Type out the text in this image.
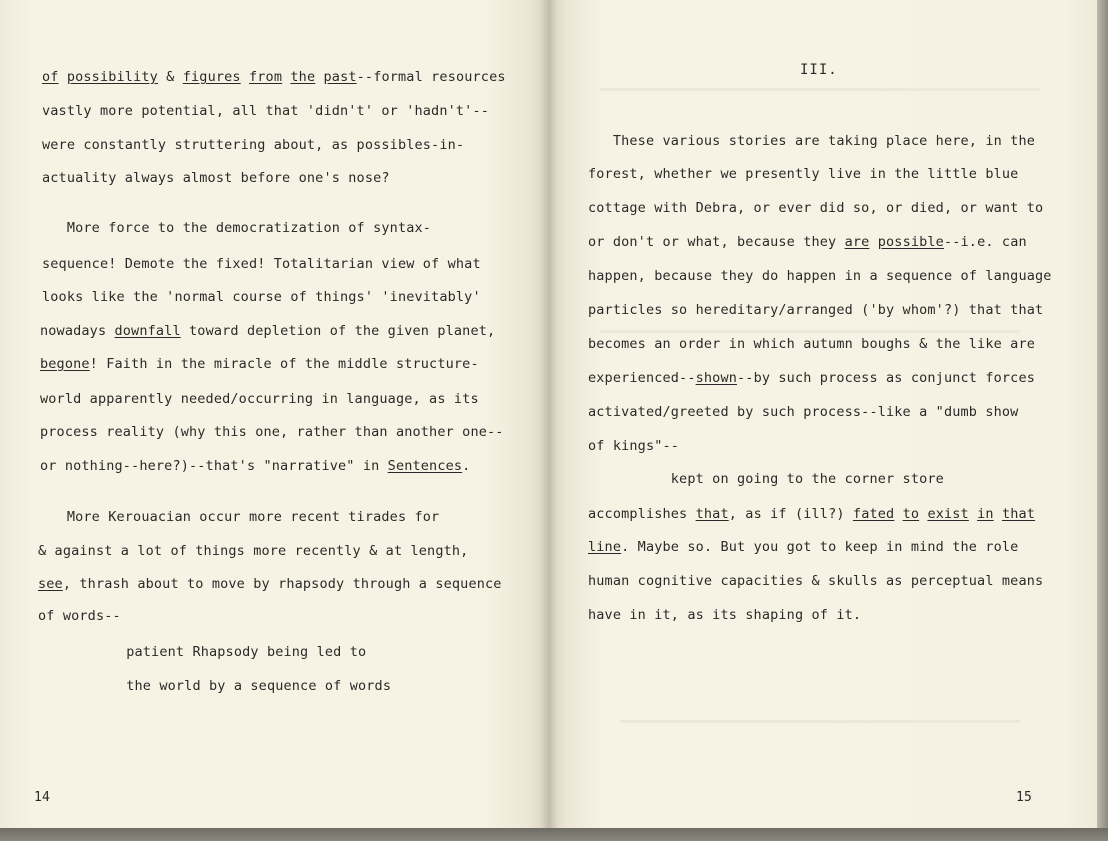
of possibility & figures from the past--formal resources
vastly more potential, all that 'didn't' or 'hadn't'--
were constantly struttering about, as possibles-in-
actuality always almost before one's nose?
More force to the democratization of syntax-
sequence! Demote the fixed! Totalitarian view of what
looks like the 'normal course of things' 'inevitably'
nowadays downfall toward depletion of the given planet,
begone! Faith in the miracle of the middle structure-
world apparently needed/occurring in language, as its
process reality (why this one, rather than another one--
or nothing--here?)--that's "narrative" in Sentences.
More Kerouacian occur more recent tirades for
& against a lot of things more recently & at length,
see, thrash about to move by rhapsody through a sequence
of words--
patient Rhapsody being led to
the world by a sequence of words
14
III.
These various stories are taking place here, in the
forest, whether we presently live in the little blue
cottage with Debra, or ever did so, or died, or want to
or don't or what, because they are possible--i.e. can
happen, because they do happen in a sequence of language
particles so hereditary/arranged ('by whom'?) that that
becomes an order in which autumn boughs & the like are
experienced--shown--by such process as conjunct forces
activated/greeted by such process--like a "dumb show
of kings"--
kept on going to the corner store
accomplishes that, as if (ill?) fated to exist in that
line. Maybe so. But you got to keep in mind the role
human cognitive capacities & skulls as perceptual means
have in it, as its shaping of it.
15
